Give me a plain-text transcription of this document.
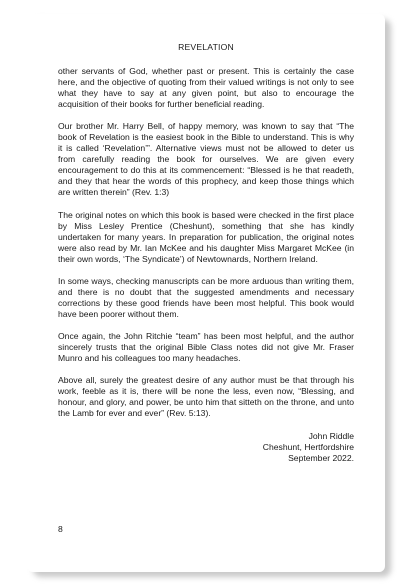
REVELATION

other servants of God, whether past or present. This is certainly the case here, and the objective of quoting from their valued writings is not only to see what they have to say at any given point, but also to encourage the acquisition of their books for further beneficial reading.

Our brother Mr. Harry Bell, of happy memory, was known to say that “The book of Revelation is the easiest book in the Bible to understand. This is why it is called ‘Revelation’”. Alternative views must not be allowed to deter us from carefully reading the book for ourselves. We are given every encouragement to do this at its commencement: “Blessed is he that readeth, and they that hear the words of this prophecy, and keep those things which are written therein” (Rev. 1:3)

The original notes on which this book is based were checked in the first place by Miss Lesley Prentice (Cheshunt), something that she has kindly undertaken for many years. In preparation for publication, the original notes were also read by Mr. Ian McKee and his daughter Miss Margaret McKee (in their own words, ‘The Syndicate’) of Newtownards, Northern Ireland.

In some ways, checking manuscripts can be more arduous than writing them, and there is no doubt that the suggested amendments and necessary corrections by these good friends have been most helpful. This book would have been poorer without them.

Once again, the John Ritchie “team” has been most helpful, and the author sincerely trusts that the original Bible Class notes did not give Mr. Fraser Munro and his colleagues too many headaches.

Above all, surely the greatest desire of any author must be that through his work, feeble as it is, there will be none the less, even now, “Blessing, and honour, and glory, and power, be unto him that sitteth on the throne, and unto the Lamb for ever and ever” (Rev. 5:13).

John Riddle
Cheshunt, Hertfordshire
September 2022.
8
